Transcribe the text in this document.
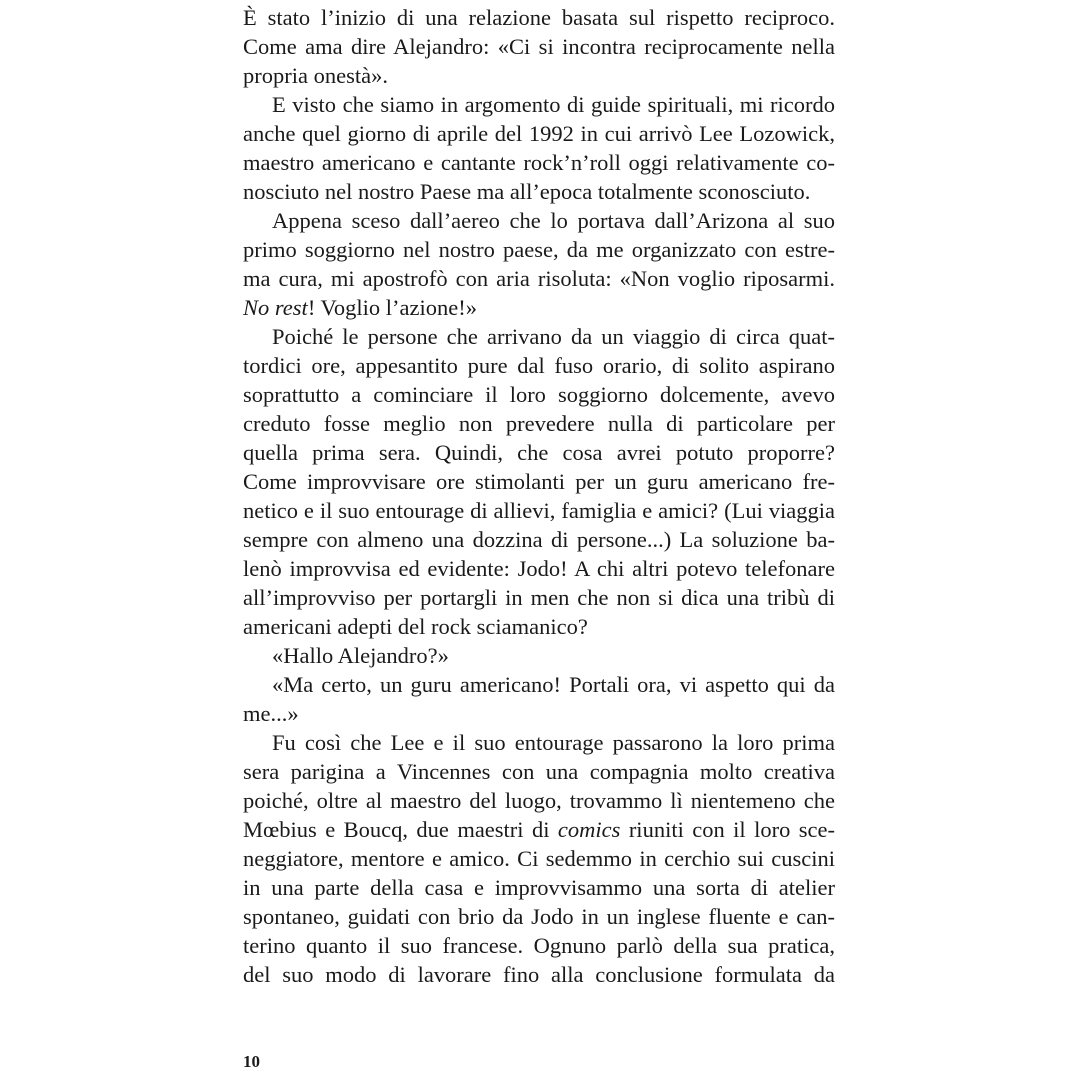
È stato l’inizio di una relazione basata sul rispetto reciproco.
Come ama dire Alejandro: «Ci si incontra reciprocamente nella
propria onestà».
E visto che siamo in argomento di guide spirituali, mi ricordo
anche quel giorno di aprile del 1992 in cui arrivò Lee Lozowick,
maestro americano e cantante rock’n’roll oggi relativamente co-
nosciuto nel nostro Paese ma all’epoca totalmente sconosciuto.
Appena sceso dall’aereo che lo portava dall’Arizona al suo
primo soggiorno nel nostro paese, da me organizzato con estre-
ma cura, mi apostrofò con aria risoluta: «Non voglio riposarmi.
No rest! Voglio l’azione!»
Poiché le persone che arrivano da un viaggio di circa quat-
tordici ore, appesantito pure dal fuso orario, di solito aspirano
soprattutto a cominciare il loro soggiorno dolcemente, avevo
creduto fosse meglio non prevedere nulla di particolare per
quella prima sera. Quindi, che cosa avrei potuto proporre?
Come improvvisare ore stimolanti per un guru americano fre-
netico e il suo entourage di allievi, famiglia e amici? (Lui viaggia
sempre con almeno una dozzina di persone...) La soluzione ba-
lenò improvvisa ed evidente: Jodo! A chi altri potevo telefonare
all’improvviso per portargli in men che non si dica una tribù di
americani adepti del rock sciamanico?
«Hallo Alejandro?»
«Ma certo, un guru americano! Portali ora, vi aspetto qui da
me...»
Fu così che Lee e il suo entourage passarono la loro prima
sera parigina a Vincennes con una compagnia molto creativa
poiché, oltre al maestro del luogo, trovammo lì nientemeno che
Mœbius e Boucq, due maestri di comics riuniti con il loro sce-
neggiatore, mentore e amico. Ci sedemmo in cerchio sui cuscini
in una parte della casa e improvvisammo una sorta di atelier
spontaneo, guidati con brio da Jodo in un inglese fluente e can-
terino quanto il suo francese. Ognuno parlò della sua pratica,
del suo modo di lavorare fino alla conclusione formulata da
10
